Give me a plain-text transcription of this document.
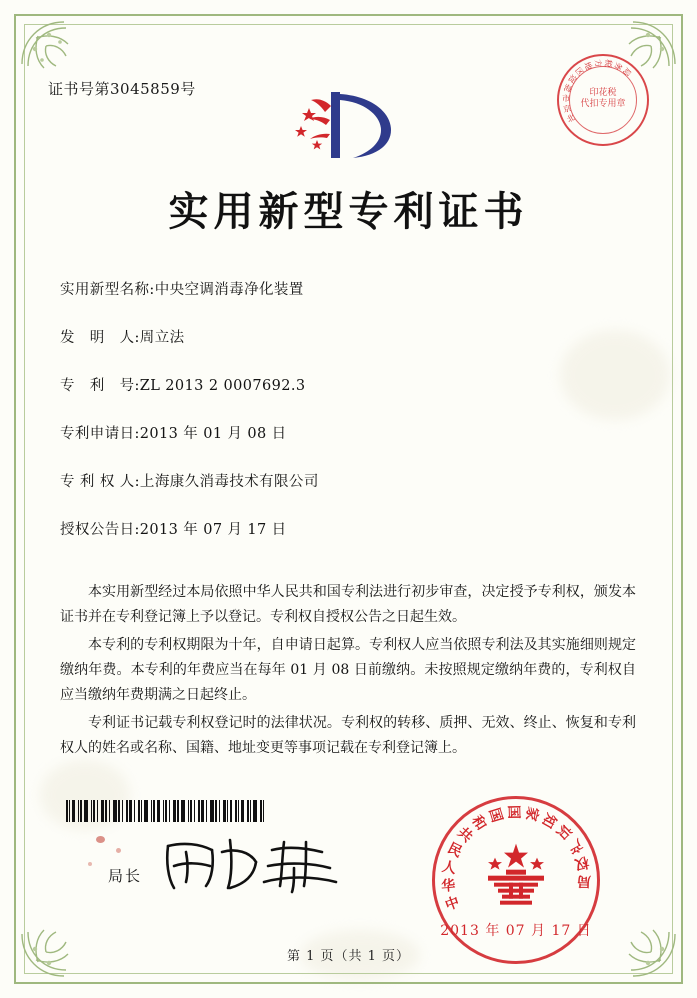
证书号第3045859号
北
京
市
海
淀
区
地 方 税 务
局
印花税
代扣专用章
实用新型专利证书
实用新型名称:中央空调消毒净化装置
发　明　人:周立法
专　利　号:ZL 2013 2 0007692.3
专利申请日:2013 年 01 月 08 日
专 利 权 人:上海康久消毒技术有限公司
授权公告日:2013 年 07 月 17 日

本实用新型经过本局依照中华人民共和国专利法进行初步审查，决定授予专利权，颁发本证书并在专利登记簿上予以登记。专利权自授权公告之日起生效。

本专利的专利权期限为十年，自申请日起算。专利权人应当依照专利法及其实施细则规定缴纳年费。本专利的年费应当在每年 01 月 08 日前缴纳。未按照规定缴纳年费的，专利权自应当缴纳年费期满之日起终止。

专利证书记载专利权登记时的法律状况。专利权的转移、质押、无效、终止、恢复和专利权人的姓名或名称、国籍、地址变更等事项记载在专利登记簿上。

局长
中
华
人
民
共
和
国 国 家
知
识
产
权
局
2013 年 07 月 17 日
第 1 页（共 1 页）
